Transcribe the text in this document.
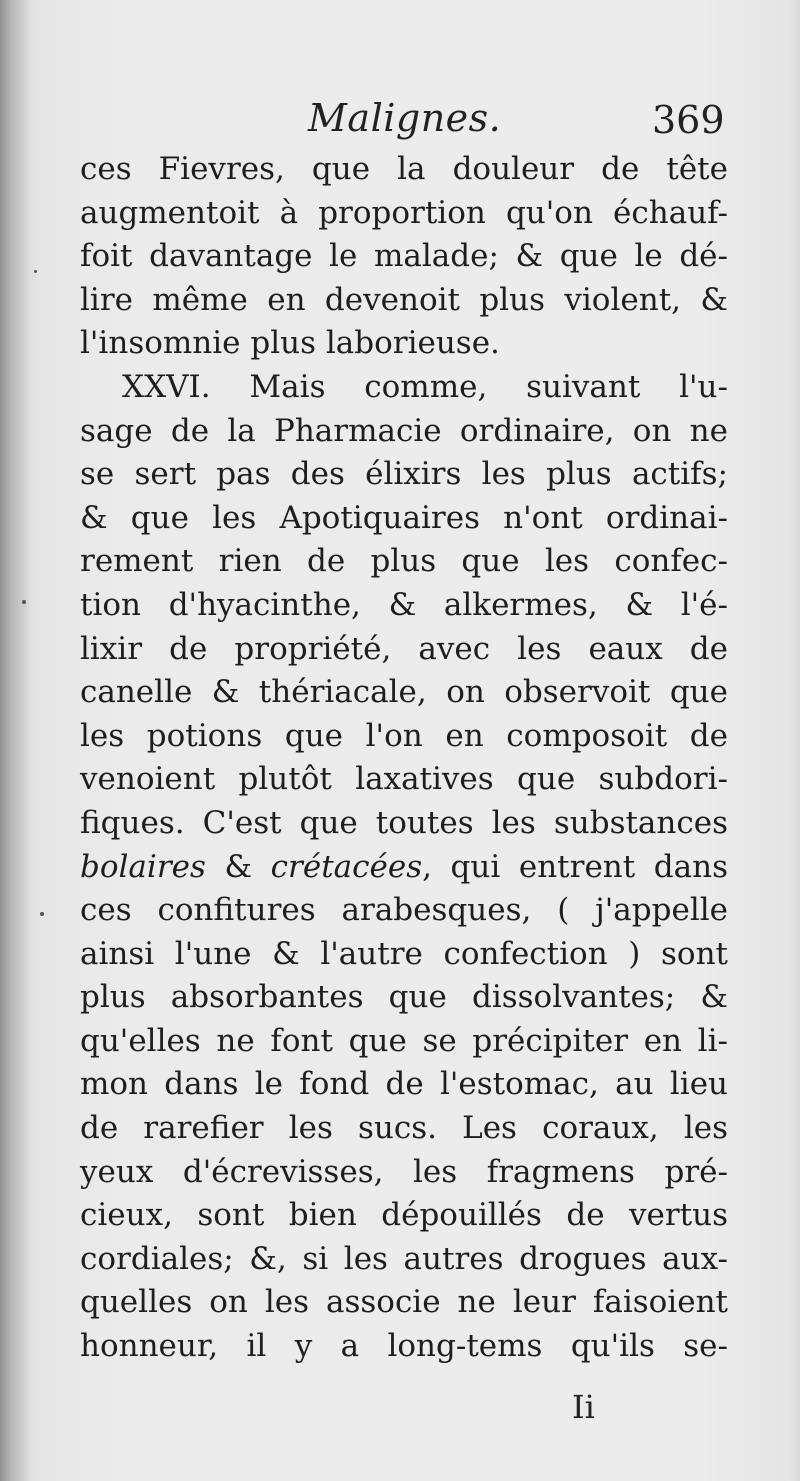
Malignes.	369
ces Fievres, que la douleur de tête
augmentoit à proportion qu'on échauf-
foit davantage le malade; & que le dé-
lire même en devenoit plus violent, &
l'insomnie plus laborieuse.
XXVI. Mais comme, suivant l'u-
sage de la Pharmacie ordinaire, on ne
se sert pas des élixirs les plus actifs;
& que les Apotiquaires n'ont ordinai-
rement rien de plus que les confec-
tion d'hyacinthe, & alkermes, & l'é-
lixir de propriété, avec les eaux de
canelle & thériacale, on observoit que
les potions que l'on en composoit de
venoient plutôt laxatives que subdori-
fiques. C'est que toutes les substances
bolaires & crétacées, qui entrent dans
ces confitures arabesques, ( j'appelle
ainsi l'une & l'autre confection ) sont
plus absorbantes que dissolvantes; &
qu'elles ne font que se précipiter en li-
mon dans le fond de l'estomac, au lieu
de rarefier les sucs. Les coraux, les
yeux d'écrevisses, les fragmens pré-
cieux, sont bien dépouillés de vertus
cordiales; &, si les autres drogues aux-
quelles on les associe ne leur faisoient
honneur, il y a long-tems qu'ils se-
Ii
